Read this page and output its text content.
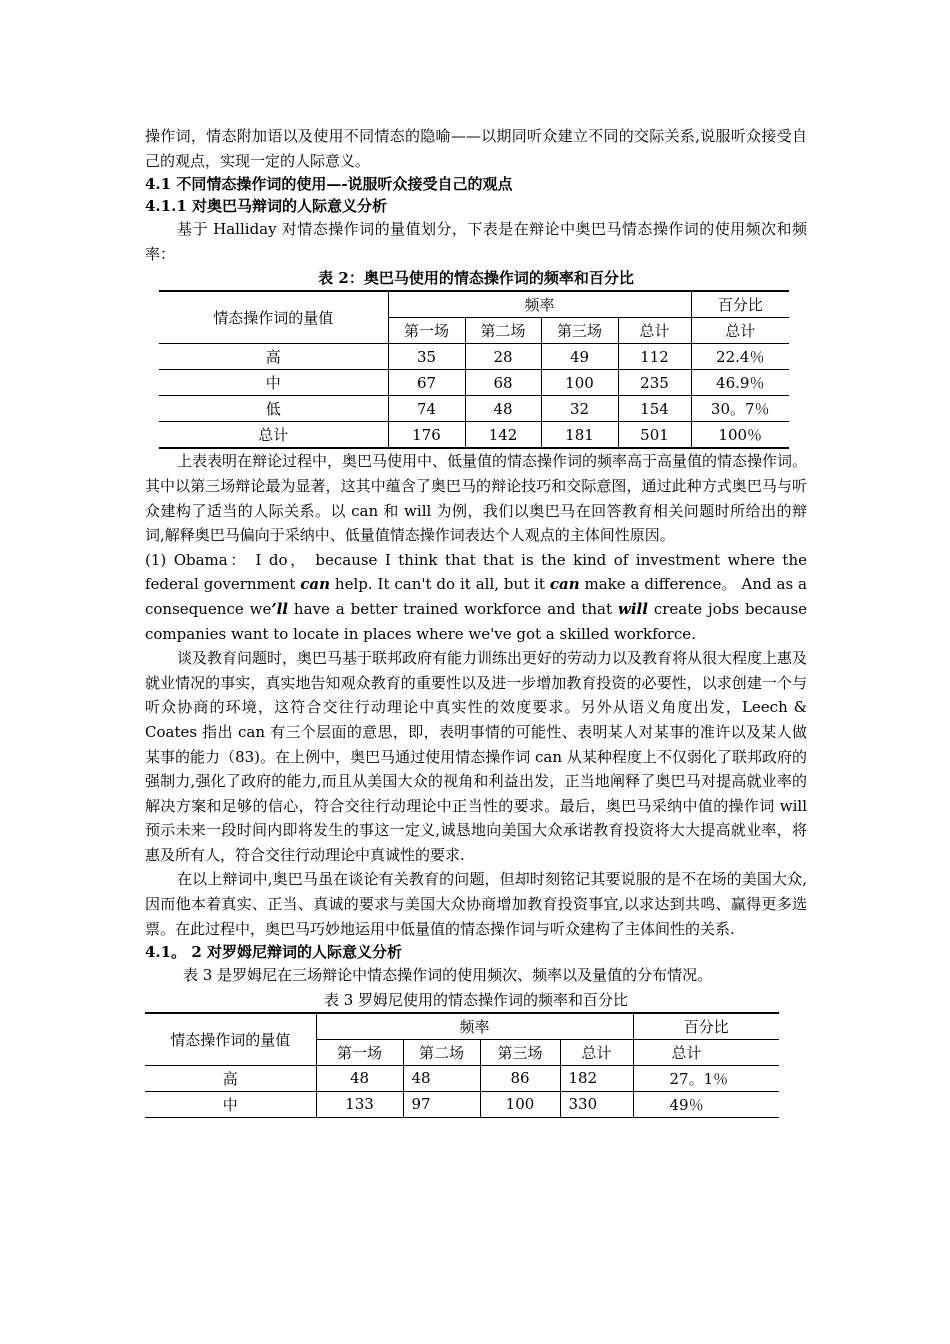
操作词，情态附加语以及使用不同情态的隐喻——以期同听众建立不同的交际关系,说服听众接受自己的观点，实现一定的人际意义。

4.1 不同情态操作词的使用—-说服听众接受自己的观点
4.1.1 对奥巴马辩词的人际意义分析

基于 Halliday 对情态操作词的量值划分，下表是在辩论中奥巴马情态操作词的使用频次和频率：

表 2：奥巴马使用的情态操作词的频率和百分比
情态操作词的量值	频率				百分比
	第一场	第二场	第三场	总计	总计
高	35	28	49	112	22.4％
中	67	68	100	235	46.9％
低	74	48	32	154	30。7％
总计	176	142	181	501	100％

上表表明在辩论过程中，奥巴马使用中、低量值的情态操作词的频率高于高量值的情态操作词。其中以第三场辩论最为显著，这其中蕴含了奥巴马的辩论技巧和交际意图，通过此种方式奥巴马与听众建构了适当的人际关系。以 can 和 will 为例，我们以奥巴马在回答教育相关问题时所给出的辩词,解释奥巴马偏向于采纳中、低量值情态操作词表达个人观点的主体间性原因。

(1) Obama： I do， because I think that that is the kind of investment where the federal government can help. It can't do it all, but it can make a difference。 And as a consequence we’ll have a better trained workforce and that will create jobs because companies want to locate in places where we've got a skilled workforce.

谈及教育问题时，奥巴马基于联邦政府有能力训练出更好的劳动力以及教育将从很大程度上惠及就业情况的事实，真实地告知观众教育的重要性以及进一步增加教育投资的必要性，以求创建一个与听众协商的环境，这符合交往行动理论中真实性的效度要求。另外从语义角度出发，Leech & Coates 指出 can 有三个层面的意思，即，表明事情的可能性、表明某人对某事的准许以及某人做某事的能力（83)。在上例中，奥巴马通过使用情态操作词 can 从某种程度上不仅弱化了联邦政府的强制力,强化了政府的能力,而且从美国大众的视角和利益出发，正当地阐释了奥巴马对提高就业率的解决方案和足够的信心，符合交往行动理论中正当性的要求。最后，奥巴马采纳中值的操作词 will 预示未来一段时间内即将发生的事这一定义,诚恳地向美国大众承诺教育投资将大大提高就业率，将惠及所有人，符合交往行动理论中真诚性的要求.

在以上辩词中,奥巴马虽在谈论有关教育的问题，但却时刻铭记其要说服的是不在场的美国大众,因而他本着真实、正当、真诚的要求与美国大众协商增加教育投资事宜,以求达到共鸣、赢得更多选票。在此过程中，奥巴马巧妙地运用中低量值的情态操作词与听众建构了主体间性的关系.

4.1。 2 对罗姆尼辩词的人际意义分析

表 3 是罗姆尼在三场辩论中情态操作词的使用频次、频率以及量值的分布情况。

表 3 罗姆尼使用的情态操作词的频率和百分比
情态操作词的量值	频率				百分比
	第一场	第二场	第三场	总计	总计
高	48	48	86	182	27。1％
中	133	97	100	330	49％
